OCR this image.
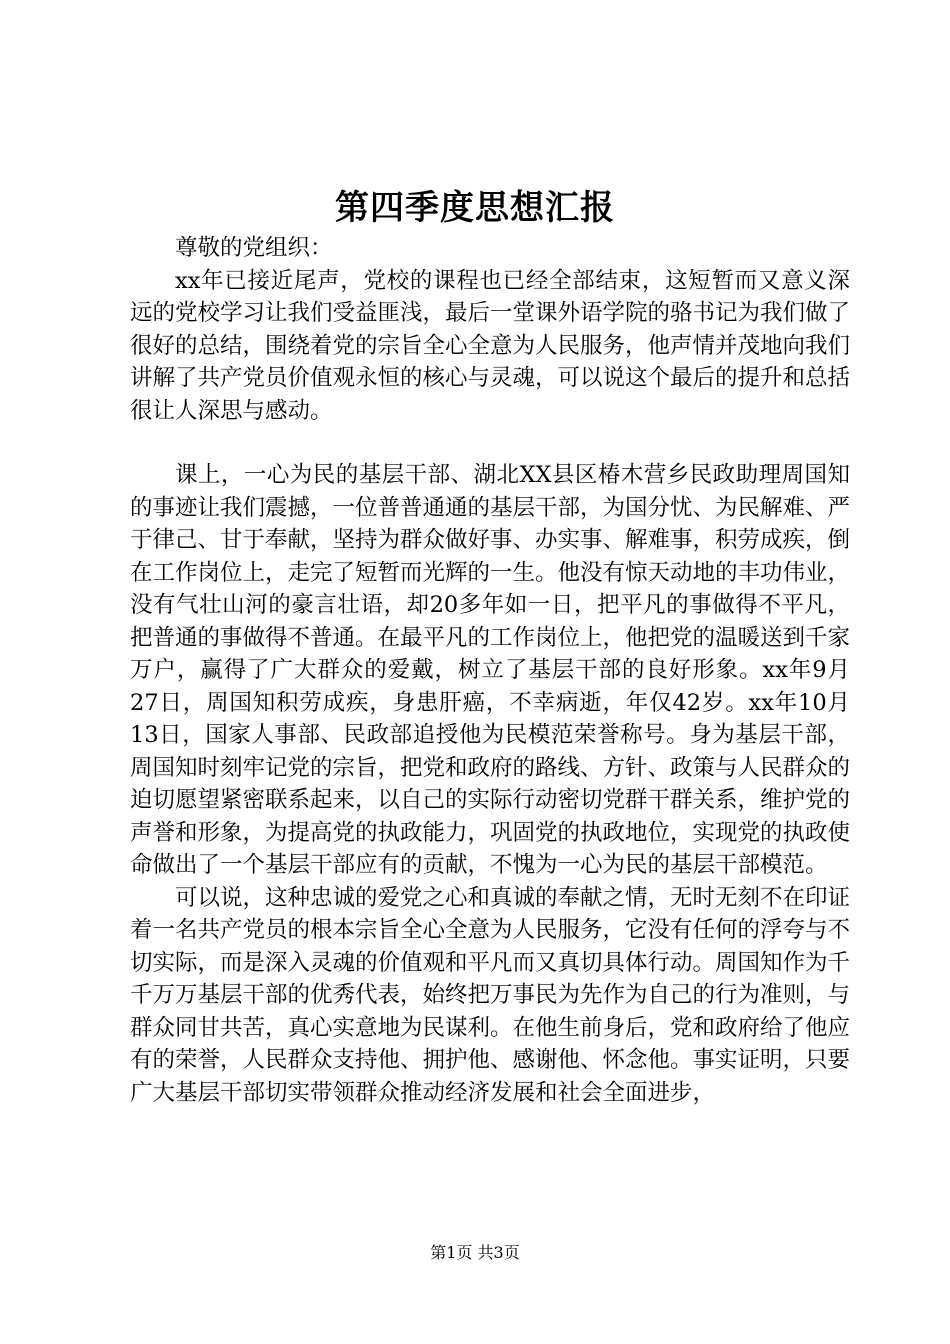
第四季度思想汇报

尊敬的党组织：

xx年已接近尾声，党校的课程也已经全部结束，这短暂而又意义深远的党校学习让我们受益匪浅，最后一堂课外语学院的骆书记为我们做了很好的总结，围绕着党的宗旨全心全意为人民服务，他声情并茂地向我们讲解了共产党员价值观永恒的核心与灵魂，可以说这个最后的提升和总括很让人深思与感动。

课上，一心为民的基层干部、湖北XX县区椿木营乡民政助理周国知的事迹让我们震撼，一位普普通通的基层干部，为国分忧、为民解难、严于律己、甘于奉献，坚持为群众做好事、办实事、解难事，积劳成疾，倒在工作岗位上，走完了短暂而光辉的一生。他没有惊天动地的丰功伟业，没有气壮山河的豪言壮语，却20多年如一日，把平凡的事做得不平凡，把普通的事做得不普通。在最平凡的工作岗位上，他把党的温暖送到千家万户，赢得了广大群众的爱戴，树立了基层干部的良好形象。xx年9月27日，周国知积劳成疾，身患肝癌，不幸病逝，年仅42岁。xx年10月13日，国家人事部、民政部追授他为民模范荣誉称号。身为基层干部，周国知时刻牢记党的宗旨，把党和政府的路线、方针、政策与人民群众的迫切愿望紧密联系起来，以自己的实际行动密切党群干群关系，维护党的声誉和形象，为提高党的执政能力，巩固党的执政地位，实现党的执政使命做出了一个基层干部应有的贡献，不愧为一心为民的基层干部模范。

可以说，这种忠诚的爱党之心和真诚的奉献之情，无时无刻不在印证着一名共产党员的根本宗旨全心全意为人民服务，它没有任何的浮夸与不切实际，而是深入灵魂的价值观和平凡而又真切具体行动。周国知作为千千万万基层干部的优秀代表，始终把万事民为先作为自己的行为准则，与群众同甘共苦，真心实意地为民谋利。在他生前身后，党和政府给了他应有的荣誉，人民群众支持他、拥护他、感谢他、怀念他。事实证明，只要广大基层干部切实带领群众推动经济发展和社会全面进步，

第1页 共3页
